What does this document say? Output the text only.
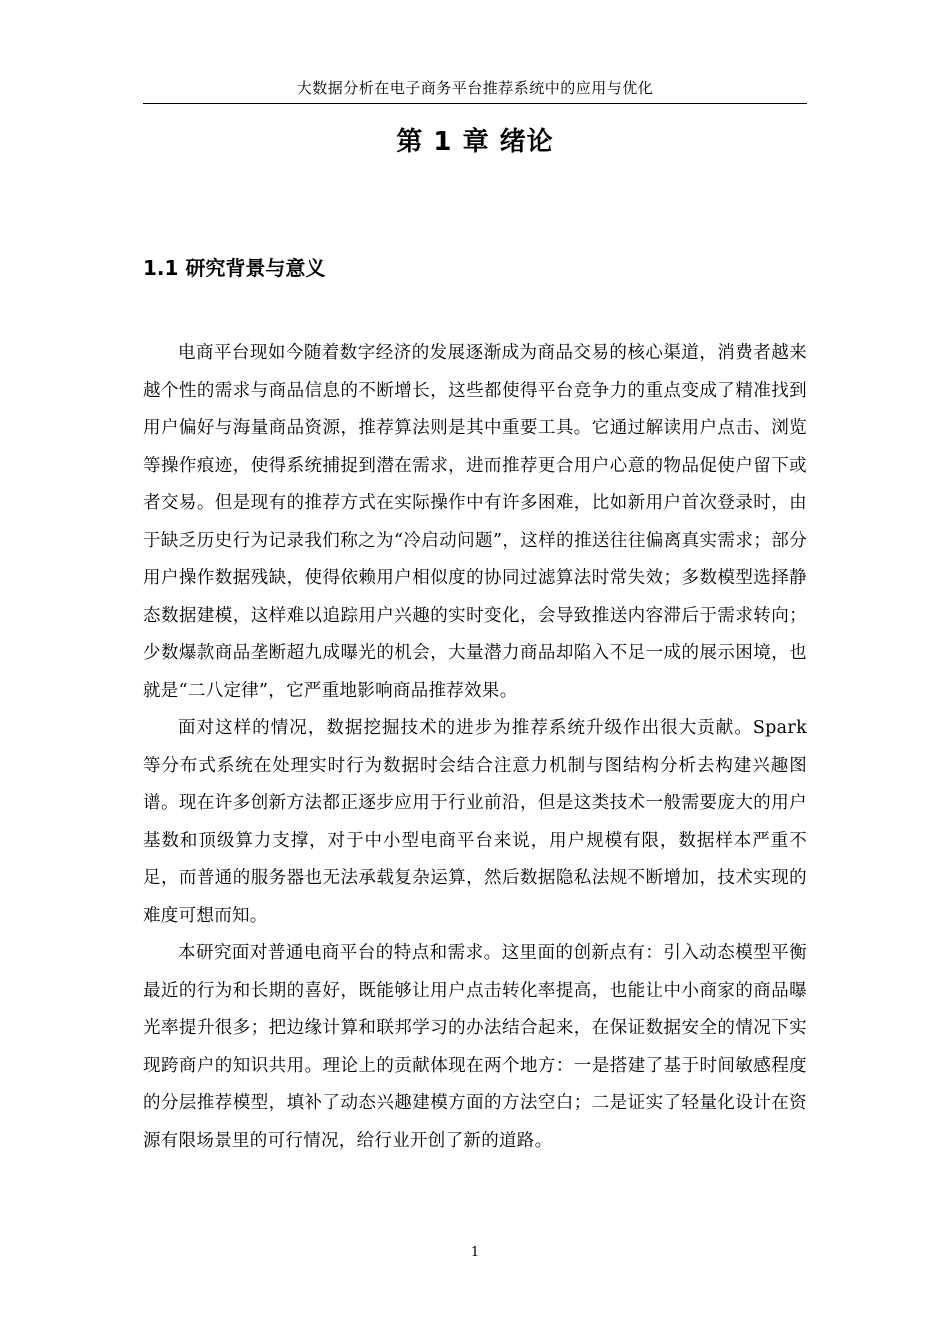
大数据分析在电子商务平台推荐系统中的应用与优化
第 1 章 绪论
1.1 研究背景与意义

电商平台现如今随着数字经济的发展逐渐成为商品交易的核心渠道，消费者越来越个性的需求与商品信息的不断增长，这些都使得平台竞争力的重点变成了精准找到用户偏好与海量商品资源，推荐算法则是其中重要工具。它通过解读用户点击、浏览等操作痕迹，使得系统捕捉到潜在需求，进而推荐更合用户心意的物品促使户留下或者交易。但是现有的推荐方式在实际操作中有许多困难，比如新用户首次登录时，由于缺乏历史行为记录我们称之为“冷启动问题”，这样的推送往往偏离真实需求；部分用户操作数据残缺，使得依赖用户相似度的协同过滤算法时常失效；多数模型选择静态数据建模，这样难以追踪用户兴趣的实时变化，会导致推送内容滞后于需求转向；少数爆款商品垄断超九成曝光的机会，大量潜力商品却陷入不足一成的展示困境，也就是“二八定律”，它严重地影响商品推荐效果。

面对这样的情况，数据挖掘技术的进步为推荐系统升级作出很大贡献。Spark 等分布式系统在处理实时行为数据时会结合注意力机制与图结构分析去构建兴趣图谱。现在许多创新方法都正逐步应用于行业前沿，但是这类技术一般需要庞大的用户基数和顶级算力支撑，对于中小型电商平台来说，用户规模有限，数据样本严重不足，而普通的服务器也无法承载复杂运算，然后数据隐私法规不断增加，技术实现的难度可想而知。

本研究面对普通电商平台的特点和需求。这里面的创新点有：引入动态模型平衡最近的行为和长期的喜好，既能够让用户点击转化率提高，也能让中小商家的商品曝光率提升很多；把边缘计算和联邦学习的办法结合起来，在保证数据安全的情况下实现跨商户的知识共用。理论上的贡献体现在两个地方：一是搭建了基于时间敏感程度的分层推荐模型，填补了动态兴趣建模方面的方法空白；二是证实了轻量化设计在资源有限场景里的可行情况，给行业开创了新的道路。

1
